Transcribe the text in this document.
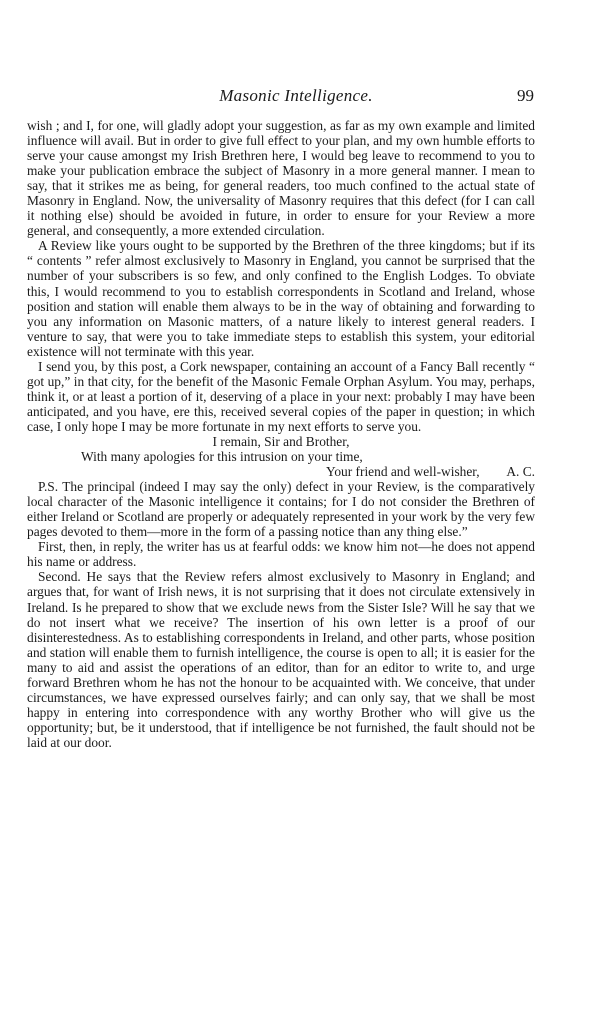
Masonic Intelligence.	99

wish ; and I, for one, will gladly adopt your suggestion, as far as my own example and limited influence will avail. But in order to give full effect to your plan, and my own humble efforts to serve your cause amongst my Irish Brethren here, I would beg leave to recommend to you to make your publication embrace the subject of Masonry in a more general manner. I mean to say, that it strikes me as being, for general readers, too much confined to the actual state of Masonry in England. Now, the universality of Masonry requires that this defect (for I can call it nothing else) should be avoided in future, in order to ensure for your Review a more general, and consequently, a more extended circulation.

A Review like yours ought to be supported by the Brethren of the three kingdoms; but if its “ contents ” refer almost exclusively to Masonry in England, you cannot be surprised that the number of your subscribers is so few, and only confined to the English Lodges. To obviate this, I would recommend to you to establish correspondents in Scotland and Ireland, whose position and station will enable them always to be in the way of obtaining and forwarding to you any information on Masonic matters, of a nature likely to interest general readers. I venture to say, that were you to take immediate steps to establish this system, your editorial existence will not terminate with this year.

I send you, by this post, a Cork newspaper, containing an account of a Fancy Ball recently “ got up,” in that city, for the benefit of the Masonic Female Orphan Asylum. You may, perhaps, think it, or at least a portion of it, deserving of a place in your next: probably I may have been anticipated, and you have, ere this, received several copies of the paper in question; in which case, I only hope I may be more fortunate in my next efforts to serve you.

I remain, Sir and Brother,

With many apologies for this intrusion on your time,

Your friend and well-wisher,  A. C.

P.S. The principal (indeed I may say the only) defect in your Review, is the comparatively local character of the Masonic intelligence it contains; for I do not consider the Brethren of either Ireland or Scotland are properly or adequately represented in your work by the very few pages devoted to them—more in the form of a passing notice than any thing else.”

First, then, in reply, the writer has us at fearful odds: we know him not—he does not append his name or address.

Second. He says that the Review refers almost exclusively to Masonry in England; and argues that, for want of Irish news, it is not surprising that it does not circulate extensively in Ireland. Is he prepared to show that we exclude news from the Sister Isle? Will he say that we do not insert what we receive? The insertion of his own letter is a proof of our disinterestedness. As to establishing correspondents in Ireland, and other parts, whose position and station will enable them to furnish intelligence, the course is open to all; it is easier for the many to aid and assist the operations of an editor, than for an editor to write to, and urge forward Brethren whom he has not the honour to be acquainted with. We conceive, that under circumstances, we have expressed ourselves fairly; and can only say, that we shall be most happy in entering into correspondence with any worthy Brother who will give us the opportunity; but, be it understood, that if intelligence be not furnished, the fault should not be laid at our door.
